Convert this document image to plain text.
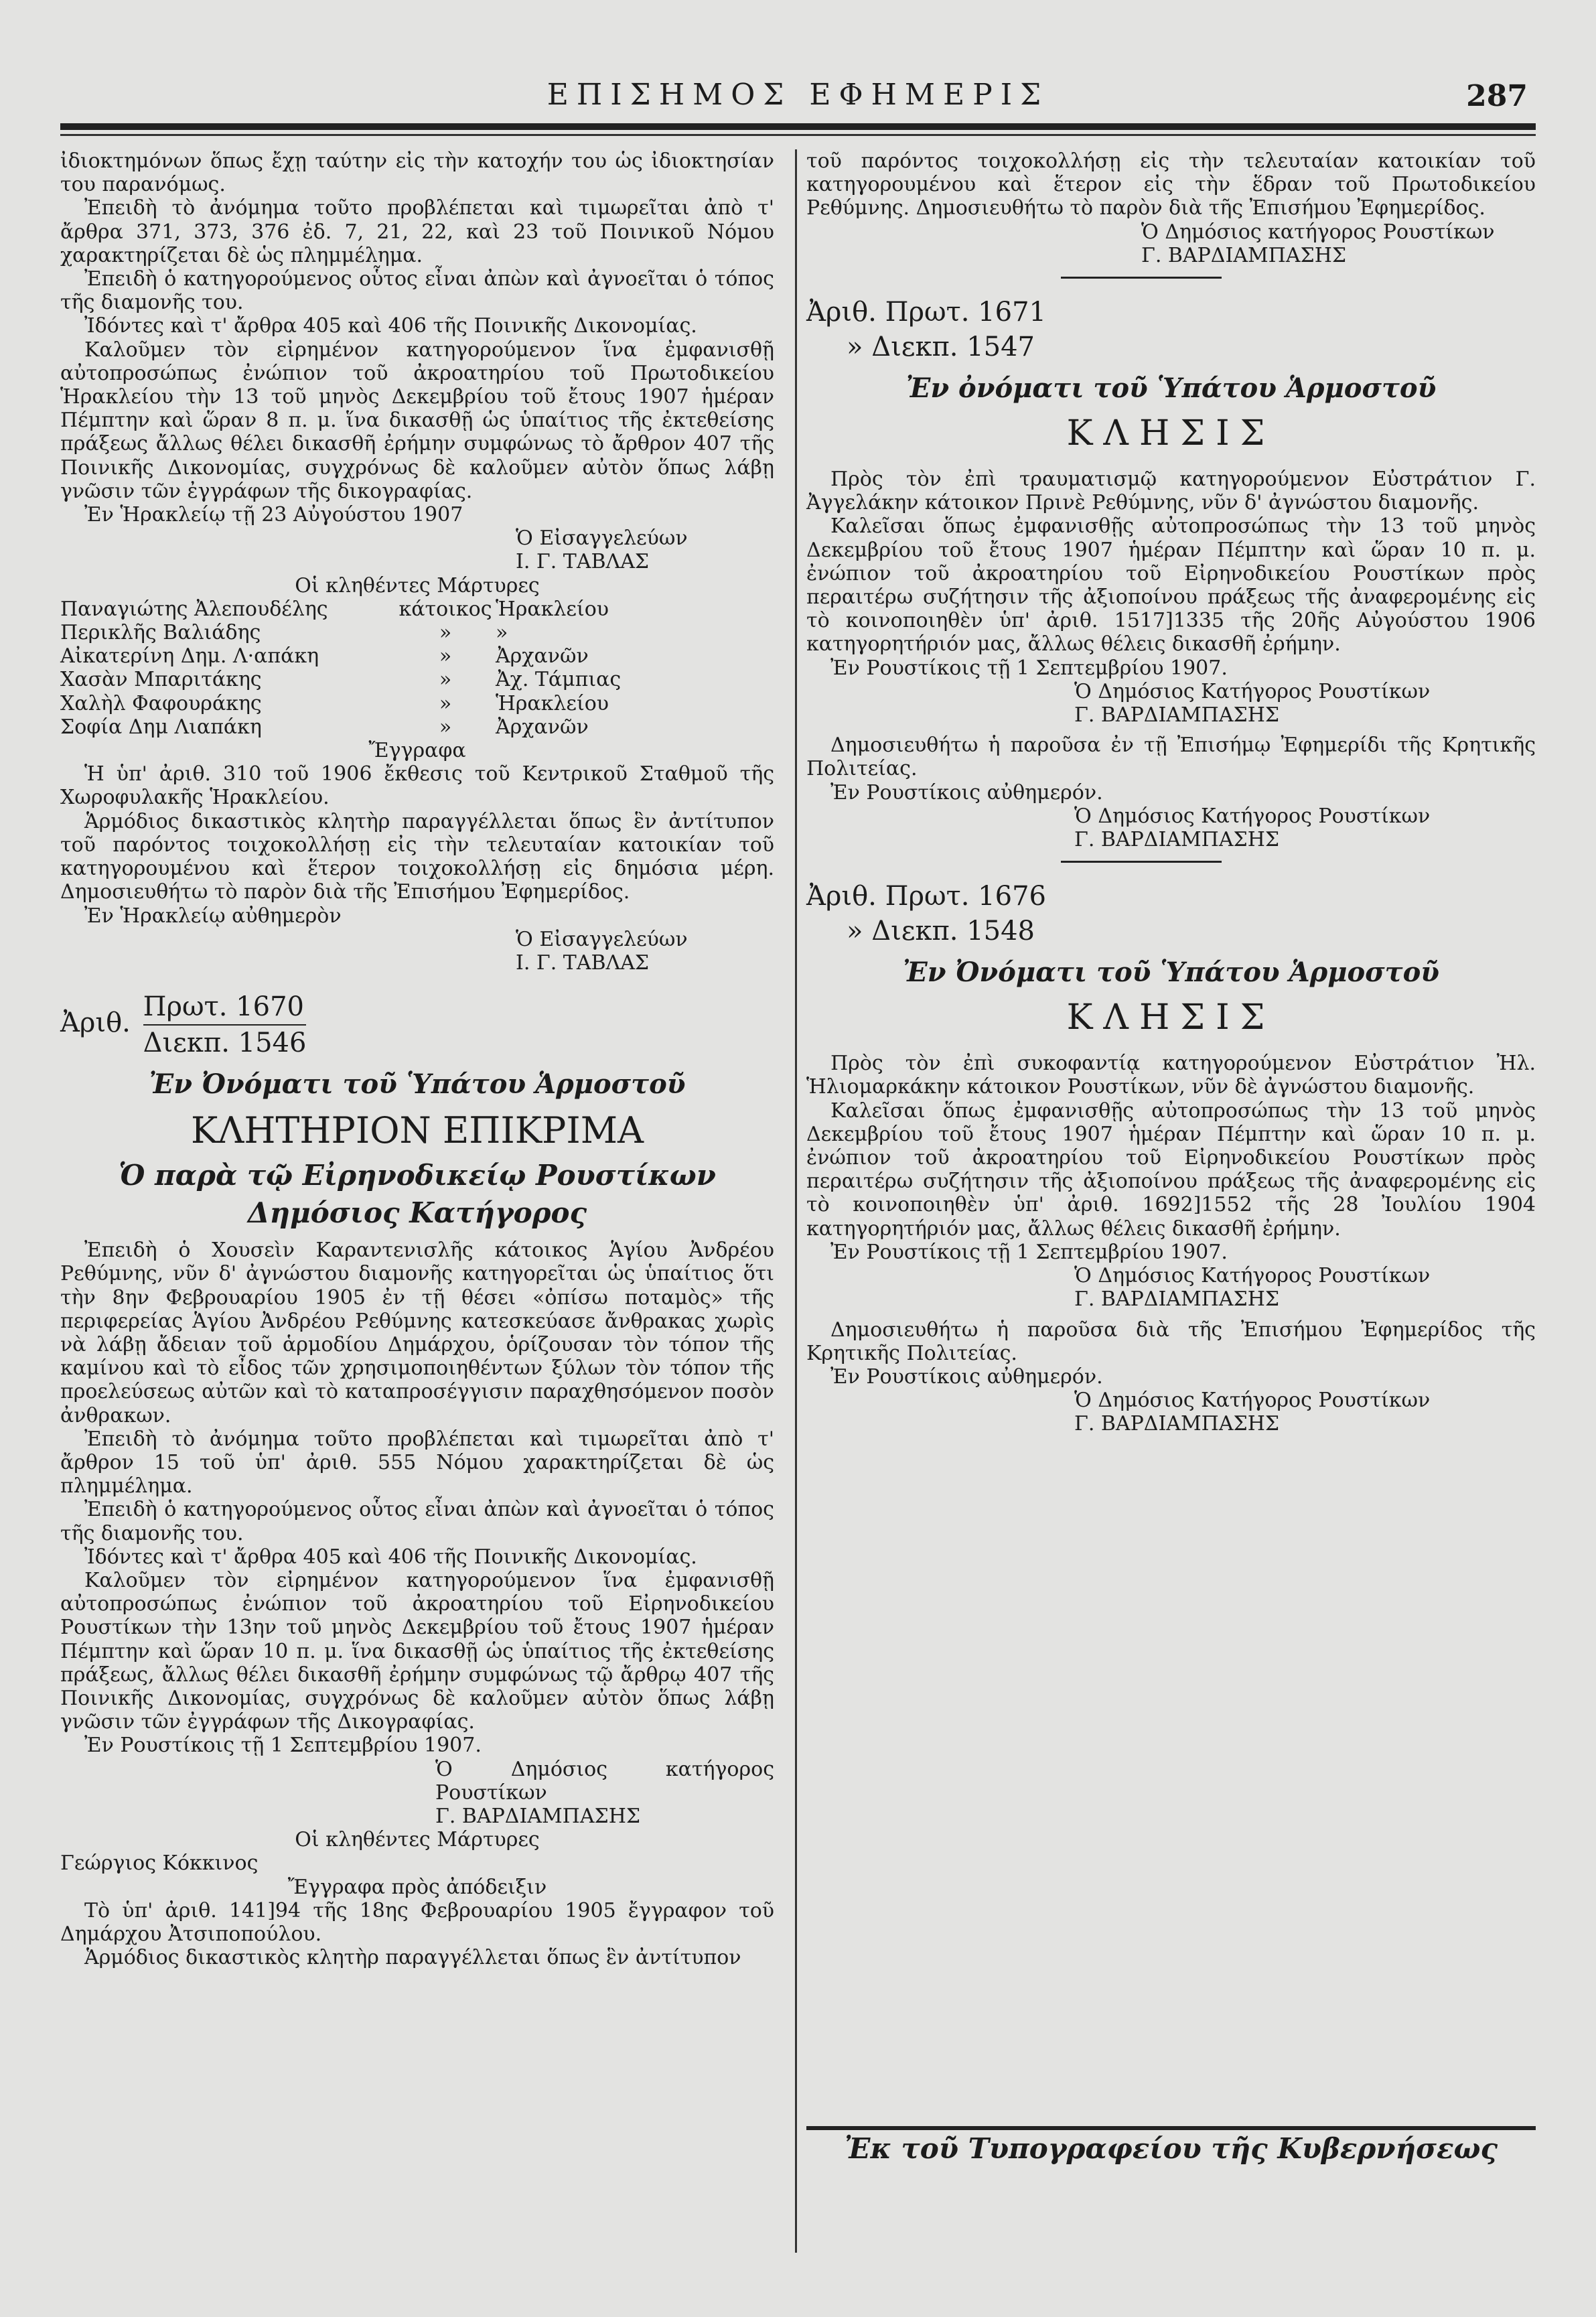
ΕΠΙΣΗΜΟΣ ΕΦΗΜΕΡΙΣ	287

ἰδιοκτημόνων ὅπως ἔχῃ ταύτην εἰς τὴν κατοχήν του ὡς ἰδιοκτησίαν του παρανόμως.

Ἐπειδὴ τὸ ἀνόμημα τοῦτο προβλέπεται καὶ τιμωρεῖται ἀπὸ τ' ἄρθρα 371, 373, 376 ἐδ. 7, 21, 22, καὶ 23 τοῦ Ποινικοῦ Νόμου χαρακτηρίζεται δὲ ὡς πλημμέλημα.

Ἐπειδὴ ὁ κατηγορούμενος οὗτος εἶναι ἀπὼν καὶ ἀγνοεῖται ὁ τόπος τῆς διαμονῆς του.

Ἰδόντες καὶ τ' ἄρθρα 405 καὶ 406 τῆς Ποινικῆς Δικονομίας.

Καλοῦμεν τὸν εἰρημένον κατηγορούμενον ἵνα ἐμφανισθῇ αὐτοπροσώπως ἐνώπιον τοῦ ἀκροατηρίου τοῦ Πρωτοδικείου Ἡρακλείου τὴν 13 τοῦ μηνὸς Δεκεμβρίου τοῦ ἔτους 1907 ἡμέραν Πέμπτην καὶ ὥραν 8 π. μ. ἵνα δικασθῇ ὡς ὑπαίτιος τῆς ἐκτεθείσης πράξεως ἄλλως θέλει δικασθῆ ἐρήμην συμφώνως τὸ ἄρθρον 407 τῆς Ποινικῆς Δικονομίας, συγχρόνως δὲ καλοῦμεν αὐτὸν ὅπως λάβῃ γνῶσιν τῶν ἐγγράφων τῆς δικογραφίας.

Ἐν Ἡρακλείῳ τῇ 23 Αὐγούστου 1907

Ὁ Εἰσαγγελεύων

Ι. Γ. ΤΑΒΛΑΣ

Οἱ κληθέντες Μάρτυρες

Παναγιώτης Ἀλεπουδέλης	κάτοικος Ἡρακλείου
Περικλῆς Βαλιάδης	»	»
Αἰκατερίνη Δημ. Λ·απάκη	»	Ἀρχανῶν
Χασὰν Μπαριτάκης	»	Ἀχ. Τάμπιας
Χαλὴλ Φαφουράκης	»	Ἡρακλείου
Σοφία Δημ Λιαπάκη	»	Ἀρχανῶν

Ἔγγραφα

Ἡ ὑπ' ἀριθ. 310 τοῦ 1906 ἔκθεσις τοῦ Κεντρικοῦ Σταθμοῦ τῆς Χωροφυλακῆς Ἡρακλείου.

Ἁρμόδιος δικαστικὸς κλητὴρ παραγγέλλεται ὅπως ἓν ἀντίτυπον τοῦ παρόντος τοιχοκολλήσῃ εἰς τὴν τελευταίαν κατοικίαν τοῦ κατηγορουμένου καὶ ἕτερον τοιχοκολλήσῃ εἰς δημόσια μέρη. Δημοσιευθήτω τὸ παρὸν διὰ τῆς Ἐπισήμου Ἐφημερίδος.

Ἐν Ἡρακλείῳ αὐθημερὸν

Ὁ Εἰσαγγελεύων

Ι. Γ. ΤΑΒΛΑΣ

Ἀριθ. $\frac{\text{Πρωτ. 1670}}{\text{Διεκπ. 1546}}$
Ἐν Ὀνόματι τοῦ Ὑπάτου Ἁρμοστοῦ
ΚΛΗΤΗΡΙΟΝ ΕΠΙΚΡΙΜΑ
Ὁ παρὰ τῷ Εἰρηνοδικείῳ Ρουστίκων
Δημόσιος Κατήγορος

Ἐπειδὴ ὁ Χουσεὶν Καραντενισλῆς κάτοικος Ἁγίου Ἀνδρέου Ρεθύμνης, νῦν δ' ἀγνώστου διαμονῆς κατηγορεῖται ὡς ὑπαίτιος ὅτι τὴν 8ην Φεβρουαρίου 1905 ἐν τῇ θέσει «ὀπίσω ποταμὸς» τῆς περιφερείας Ἁγίου Ἀνδρέου Ρεθύμνης κατεσκεύασε ἄνθρακας χωρὶς νὰ λάβῃ ἄδειαν τοῦ ἁρμοδίου Δημάρχου, ὁρίζουσαν τὸν τόπον τῆς καμίνου καὶ τὸ εἶδος τῶν χρησιμοποιηθέντων ξύλων τὸν τόπον τῆς προελεύσεως αὐτῶν καὶ τὸ καταπροσέγγισιν παραχθησόμενον ποσὸν ἀνθρακων.

Ἐπειδὴ τὸ ἀνόμημα τοῦτο προβλέπεται καὶ τιμωρεῖται ἀπὸ τ' ἄρθρον 15 τοῦ ὑπ' ἀριθ. 555 Νόμου χαρακτηρίζεται δὲ ὡς πλημμέλημα.

Ἐπειδὴ ὁ κατηγορούμενος οὗτος εἶναι ἀπὼν καὶ ἀγνοεῖται ὁ τόπος τῆς διαμονῆς του.

Ἰδόντες καὶ τ' ἄρθρα 405 καὶ 406 τῆς Ποινικῆς Δικονομίας.

Καλοῦμεν τὸν εἰρημένον κατηγορούμενον ἵνα ἐμφανισθῇ αὐτοπροσώπως ἐνώπιον τοῦ ἀκροατηρίου τοῦ Εἰρηνοδικείου Ρουστίκων τὴν 13ην τοῦ μηνὸς Δεκεμβρίου τοῦ ἔτους 1907 ἡμέραν Πέμπτην καὶ ὥραν 10 π. μ. ἵνα δικασθῇ ὡς ὑπαίτιος τῆς ἐκτεθείσης πράξεως, ἄλλως θέλει δικασθῆ ἐρήμην συμφώνως τῷ ἄρθρῳ 407 τῆς Ποινικῆς Δικονομίας, συγχρόνως δὲ καλοῦμεν αὐτὸν ὅπως λάβῃ γνῶσιν τῶν ἐγγράφων τῆς Δικογραφίας.

Ἐν Ρουστίκοις τῇ 1 Σεπτεμβρίου 1907.

Ὁ Δημόσιος κατήγορος Ρουστίκων

Γ. ΒΑΡΔΙΑΜΠΑΣΗΣ

Οἱ κληθέντες Μάρτυρες

Γεώργιος Κόκκινος

Ἔγγραφα πρὸς ἀπόδειξιν

Τὸ ὑπ' ἀριθ. 141]94 τῆς 18ης Φεβρουαρίου 1905 ἔγγραφον τοῦ Δημάρχου Ἀτσιποπούλου.

Ἁρμόδιος δικαστικὸς κλητὴρ παραγγέλλεται ὅπως ἓν ἀντίτυπον

τοῦ παρόντος τοιχοκολλήσῃ εἰς τὴν τελευταίαν κατοικίαν τοῦ κατηγορουμένου καὶ ἕτερον εἰς τὴν ἕδραν τοῦ Πρωτοδικείου Ρεθύμνης. Δημοσιευθήτω τὸ παρὸν διὰ τῆς Ἐπισήμου Ἐφημερίδος.

Ὁ Δημόσιος κατήγορος Ρουστίκων

Γ. ΒΑΡΔΙΑΜΠΑΣΗΣ

Ἀριθ. Πρωτ. 1671
» Διεκπ. 1547
Ἐν ὀνόματι τοῦ Ὑπάτου Ἁρμοστοῦ
ΚΛΗΣΙΣ

Πρὸς τὸν ἐπὶ τραυματισμῷ κατηγορούμενον Εὐστράτιον Γ. Ἀγγελάκην κάτοικον Πρινὲ Ρεθύμνης, νῦν δ' ἀγνώστου διαμονῆς.

Καλεῖσαι ὅπως ἐμφανισθῇς αὐτοπροσώπως τὴν 13 τοῦ μηνὸς Δεκεμβρίου τοῦ ἔτους 1907 ἡμέραν Πέμπτην καὶ ὥραν 10 π. μ. ἐνώπιον τοῦ ἀκροατηρίου τοῦ Εἰρηνοδικείου Ρουστίκων πρὸς περαιτέρω συζήτησιν τῆς ἀξιοποίνου πράξεως τῆς ἀναφερομένης εἰς τὸ κοινοποιηθὲν ὑπ' ἀριθ. 1517]1335 τῆς 20ῆς Αὐγούστου 1906 κατηγορητήριόν μας, ἄλλως θέλεις δικασθῆ ἐρήμην.

Ἐν Ρουστίκοις τῇ 1 Σεπτεμβρίου 1907.

Ὁ Δημόσιος Κατήγορος Ρουστίκων

Γ. ΒΑΡΔΙΑΜΠΑΣΗΣ

Δημοσιευθήτω ἡ παροῦσα ἐν τῇ Ἐπισήμῳ Ἐφημερίδι τῆς Κρητικῆς Πολιτείας.

Ἐν Ρουστίκοις αὐθημερόν.

Ὁ Δημόσιος Κατήγορος Ρουστίκων

Γ. ΒΑΡΔΙΑΜΠΑΣΗΣ

Ἀριθ. Πρωτ. 1676
» Διεκπ. 1548
Ἐν Ὀνόματι τοῦ Ὑπάτου Ἁρμοστοῦ
ΚΛΗΣΙΣ

Πρὸς τὸν ἐπὶ συκοφαντίᾳ κατηγορούμενον Εὐστράτιον Ἠλ. Ἡλιομαρκάκην κάτοικον Ρουστίκων, νῦν δὲ ἀγνώστου διαμονῆς.

Καλεῖσαι ὅπως ἐμφανισθῇς αὐτοπροσώπως τὴν 13 τοῦ μηνὸς Δεκεμβρίου τοῦ ἔτους 1907 ἡμέραν Πέμπτην καὶ ὥραν 10 π. μ. ἐνώπιον τοῦ ἀκροατηρίου τοῦ Εἰρηνοδικείου Ρουστίκων πρὸς περαιτέρω συζήτησιν τῆς ἀξιοποίνου πράξεως τῆς ἀναφερομένης εἰς τὸ κοινοποιηθὲν ὑπ' ἀριθ. 1692]1552 τῆς 28 Ἰουλίου 1904 κατηγορητήριόν μας, ἄλλως θέλεις δικασθῆ ἐρήμην.

Ἐν Ρουστίκοις τῇ 1 Σεπτεμβρίου 1907.

Ὁ Δημόσιος Κατήγορος Ρουστίκων

Γ. ΒΑΡΔΙΑΜΠΑΣΗΣ

Δημοσιευθήτω ἡ παροῦσα διὰ τῆς Ἐπισήμου Ἐφημερίδος τῆς Κρητικῆς Πολιτείας.

Ἐν Ρουστίκοις αὐθημερόν.

Ὁ Δημόσιος Κατήγορος Ρουστίκων

Γ. ΒΑΡΔΙΑΜΠΑΣΗΣ

Ἐκ τοῦ Τυπογραφείου τῆς Κυβερνήσεως
